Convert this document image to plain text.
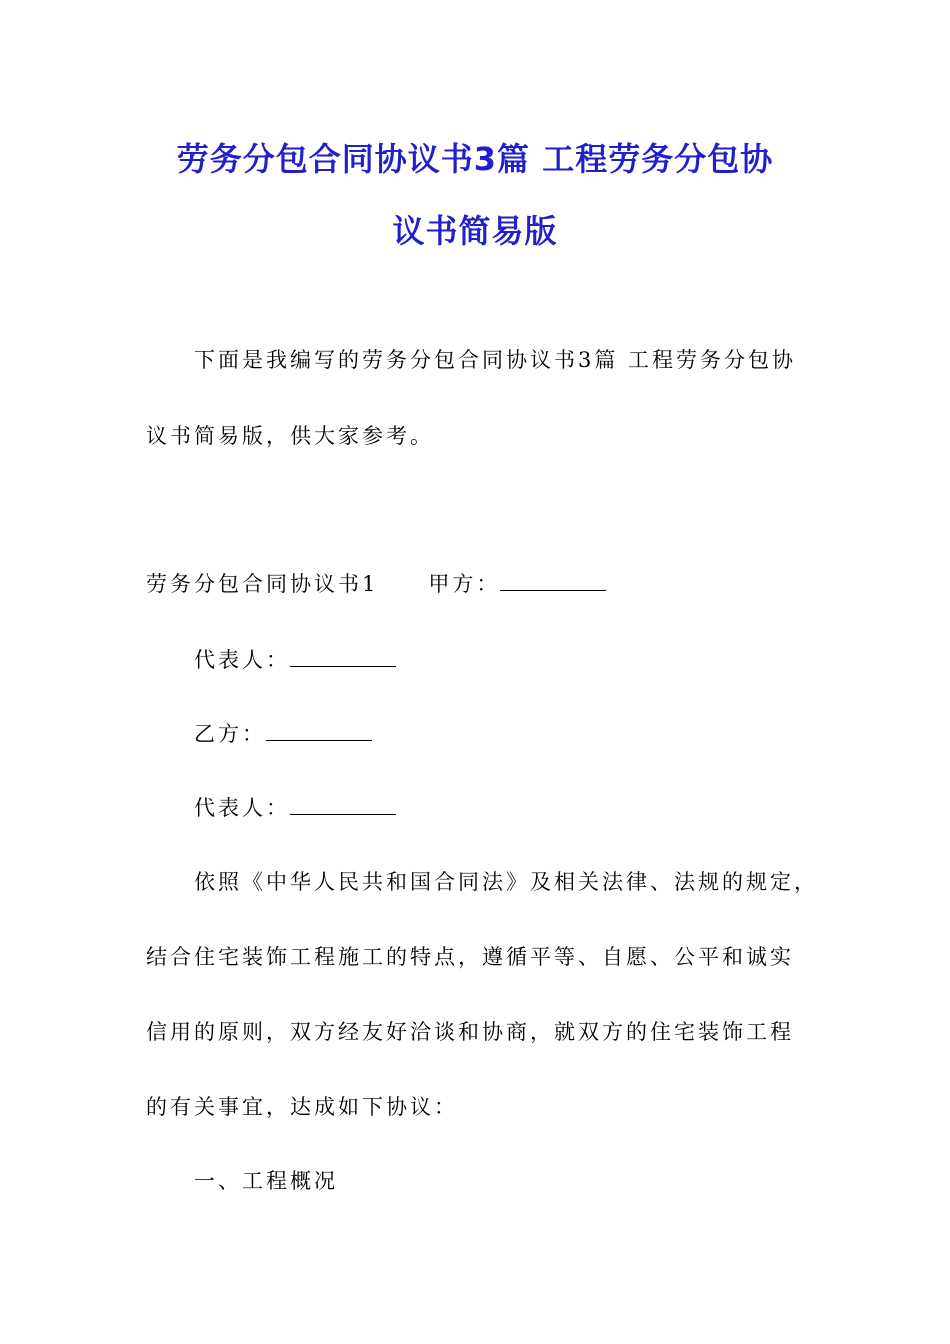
劳务分包合同协议书3篇 工程劳务分包协
议书简易版
下面是我编写的劳务分包合同协议书3篇 工程劳务分包协
议书简易版，供大家参考。
劳务分包合同协议书1 甲方：
代表人：
乙方：
代表人：
依照《中华人民共和国合同法》及相关法律、法规的规定，
结合住宅装饰工程施工的特点，遵循平等、自愿、公平和诚实
信用的原则，双方经友好洽谈和协商，就双方的住宅装饰工程
的有关事宜，达成如下协议：
一、工程概况
